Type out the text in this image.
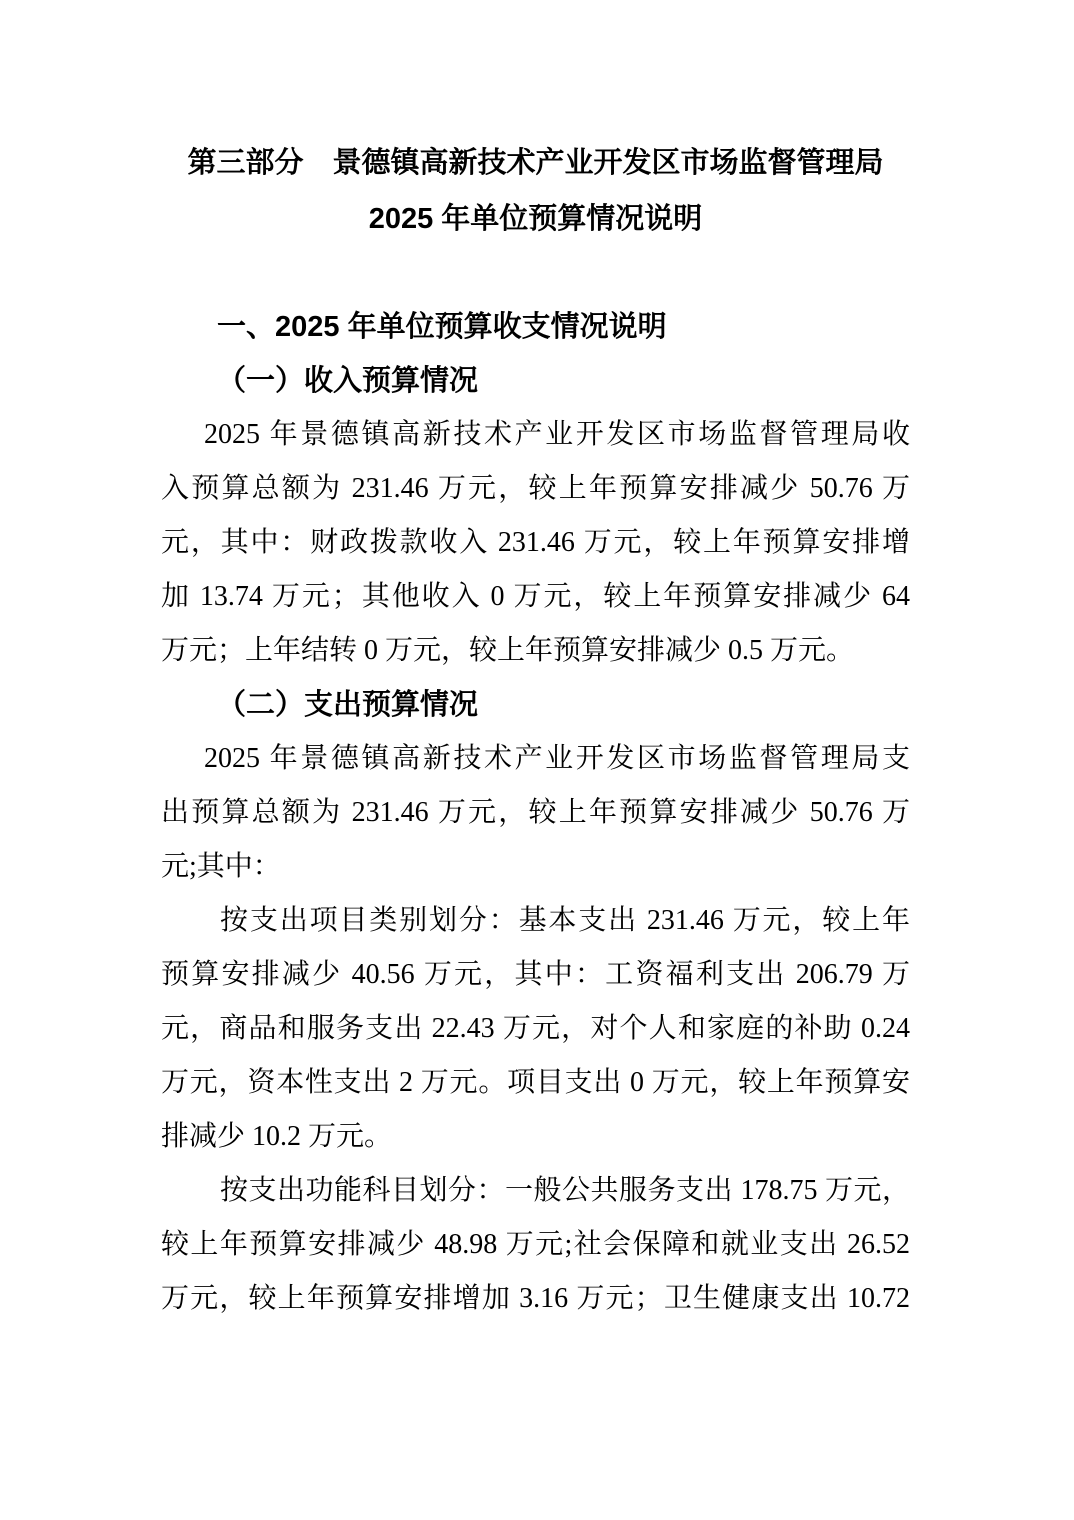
第三部分　景德镇高新技术产业开发区市场监督管理局
2025 年单位预算情况说明
一、2025 年单位预算收支情况说明
（一）收入预算情况
2025 年景德镇高新技术产业开发区市场监督管理局收
入预算总额为 231.46 万元，较上年预算安排减少 50.76 万
元，其中：财政拨款收入 231.46 万元，较上年预算安排增
加 13.74 万元；其他收入 0 万元，较上年预算安排减少 64
万元；上年结转 0 万元，较上年预算安排减少 0.5 万元。
（二）支出预算情况
2025 年景德镇高新技术产业开发区市场监督管理局支
出预算总额为 231.46 万元，较上年预算安排减少 50.76 万
元;其中：
按支出项目类别划分：基本支出 231.46 万元，较上年
预算安排减少 40.56 万元，其中：工资福利支出 206.79 万
元，商品和服务支出 22.43 万元，对个人和家庭的补助 0.24
万元，资本性支出 2 万元。项目支出 0 万元，较上年预算安
排减少 10.2 万元。
按支出功能科目划分：一般公共服务支出 178.75 万元，
较上年预算安排减少 48.98 万元;社会保障和就业支出 26.52
万元，较上年预算安排增加 3.16 万元；卫生健康支出 10.72
